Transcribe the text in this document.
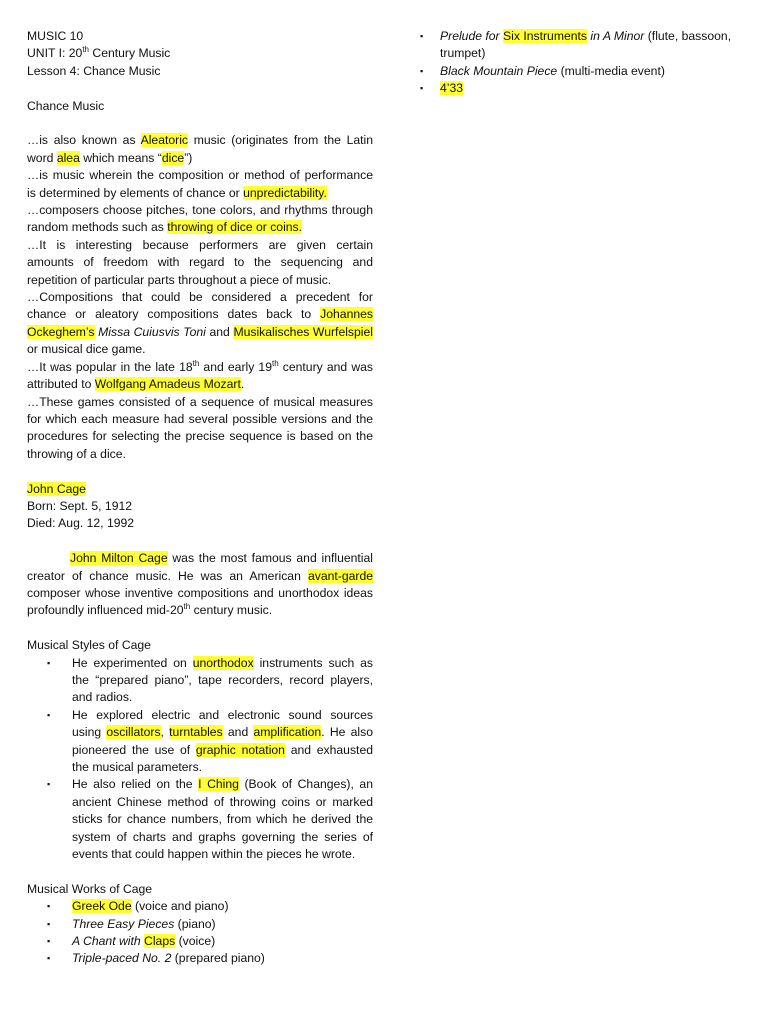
MUSIC 10

UNIT I: 20th Century Music

Lesson 4: Chance Music

Chance Music

…is also known as Aleatoric music (originates from the Latin word alea which means “dice”)

…is music wherein the composition or method of performance is determined by elements of chance or unpredictability.

…composers choose pitches, tone colors, and rhythms through random methods such as throwing of dice or coins.

…It is interesting because performers are given certain amounts of freedom with regard to the sequencing and repetition of particular parts throughout a piece of music.

…Compositions that could be considered a precedent for chance or aleatory compositions dates back to Johannes Ockeghem’s Missa Cuiusvis Toni and Musikalisches Wurfelspiel or musical dice game.

…It was popular in the late 18th and early 19th century and was attributed to Wolfgang Amadeus Mozart.

…These games consisted of a sequence of musical measures for which each measure had several possible versions and the procedures for selecting the precise sequence is based on the throwing of a dice.

John Cage

Born: Sept. 5, 1912

Died: Aug. 12, 1992

John Milton Cage was the most famous and influential creator of chance music. He was an American avant-garde composer whose inventive compositions and unorthodox ideas profoundly influenced mid-20th century music.

Musical Styles of Cage

▪ He experimented on unorthodox instruments such as the “prepared piano”, tape recorders, record players, and radios.
▪ He explored electric and electronic sound sources using oscillators, turntables and amplification. He also pioneered the use of graphic notation and exhausted the musical parameters.
▪ He also relied on the I Ching (Book of Changes), an ancient Chinese method of throwing coins or marked sticks for chance numbers, from which he derived the system of charts and graphs governing the series of events that could happen within the pieces he wrote.

Musical Works of Cage

▪ Greek Ode (voice and piano)
▪ Three Easy Pieces (piano)
▪ A Chant with Claps (voice)
▪ Triple-paced No. 2 (prepared piano)
▪ Prelude for Six Instruments in A Minor (flute, bassoon, trumpet)
▪ Black Mountain Piece (multi-media event)
▪ 4’33
